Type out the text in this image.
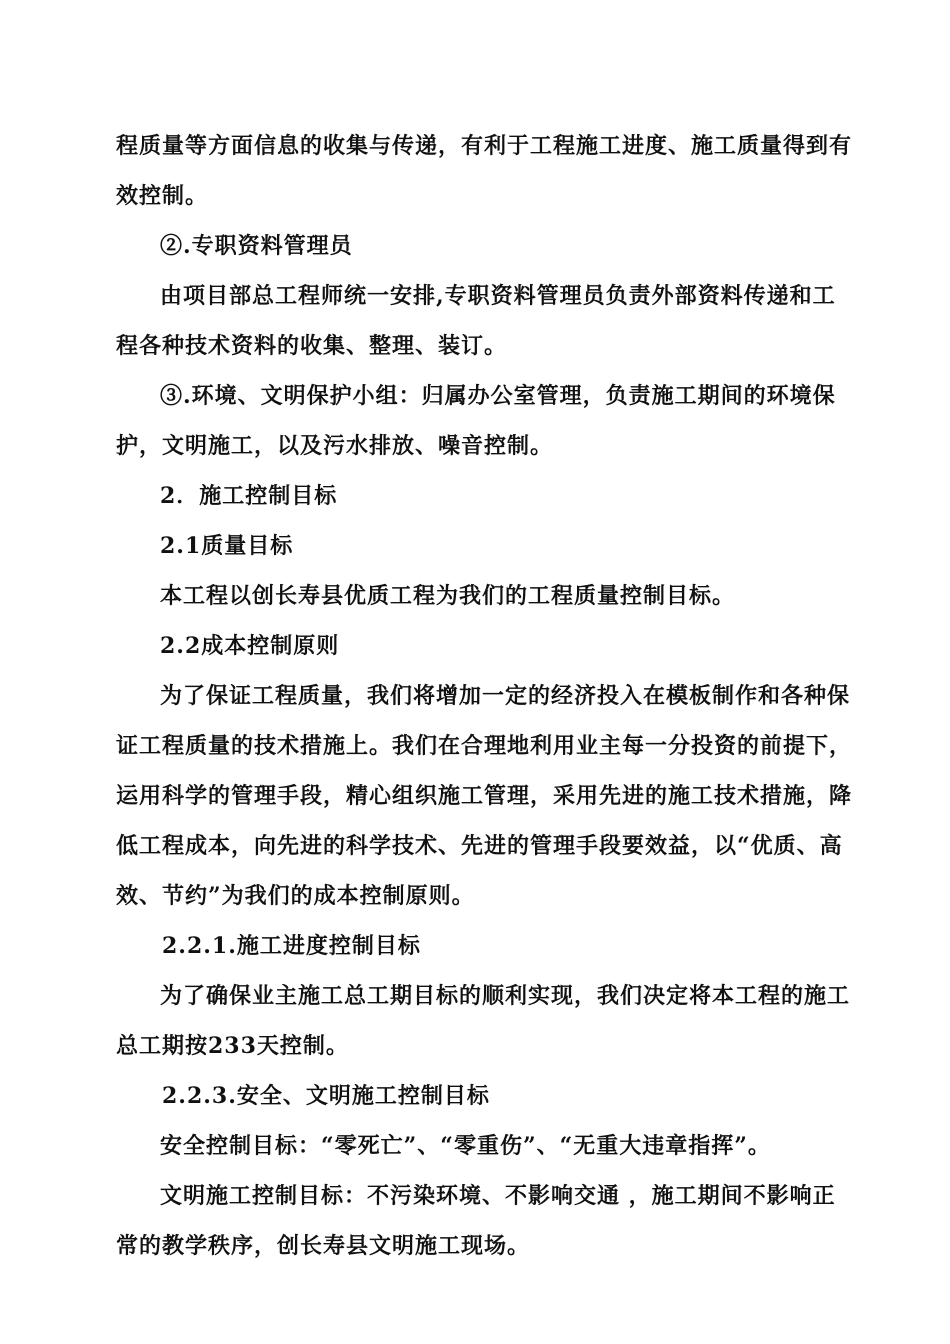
程质量等方面信息的收集与传递，有利于工程施工进度、施工质量得到有
效控制。
②.专职资料管理员
由项目部总工程师统一安排,专职资料管理员负责外部资料传递和工
程各种技术资料的收集、整理、装订。
③.环境、文明保护小组：归属办公室管理，负责施工期间的环境保
护，文明施工，以及污水排放、噪音控制。
2．施工控制目标
2.1质量目标
本工程以创长寿县优质工程为我们的工程质量控制目标。
2.2成本控制原则
为了保证工程质量，我们将增加一定的经济投入在模板制作和各种保
证工程质量的技术措施上。我们在合理地利用业主每一分投资的前提下，
运用科学的管理手段，精心组织施工管理，采用先进的施工技术措施，降
低工程成本，向先进的科学技术、先进的管理手段要效益，以“优质、高
效、节约”为我们的成本控制原则。
2.2.1.施工进度控制目标
为了确保业主施工总工期目标的顺利实现，我们决定将本工程的施工
总工期按233天控制。
2.2.3.安全、文明施工控制目标
安全控制目标：“零死亡”、“零重伤”、“无重大违章指挥”。
文明施工控制目标：不污染环境、不影响交通 ，施工期间不影响正
常的教学秩序，创长寿县文明施工现场。
